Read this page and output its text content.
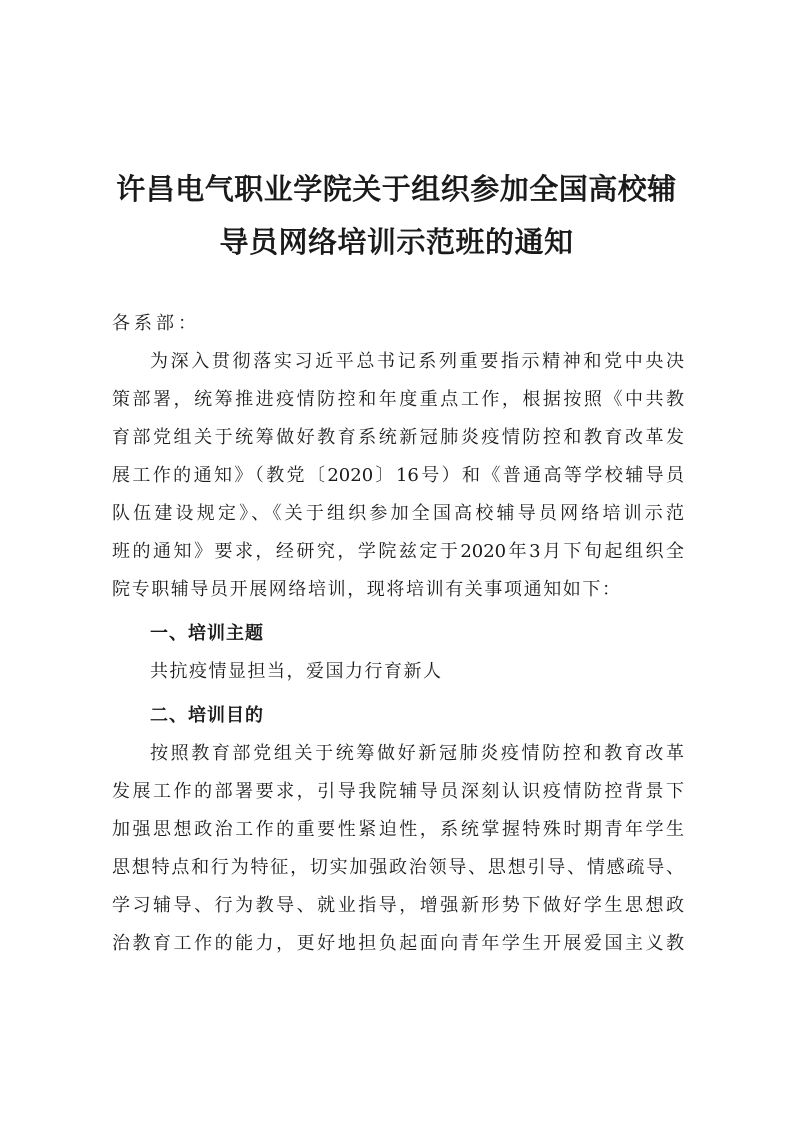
许昌电气职业学院关于组织参加全国高校辅
导员网络培训示范班的通知
各系部：
为深入贯彻落实习近平总书记系列重要指示精神和党中央决
策部署，统筹推进疫情防控和年度重点工作，根据按照《中共教
育部党组关于统筹做好教育系统新冠肺炎疫情防控和教育改革发
展工作的通知》（教党〔2020〕16号）和《普通高等学校辅导员
队伍建设规定》、《关于组织参加全国高校辅导员网络培训示范
班的通知》要求，经研究，学院兹定于2020年3月下旬起组织全
院专职辅导员开展网络培训，现将培训有关事项通知如下：
一、培训主题
共抗疫情显担当，爱国力行育新人
二、培训目的
按照教育部党组关于统筹做好新冠肺炎疫情防控和教育改革
发展工作的部署要求，引导我院辅导员深刻认识疫情防控背景下
加强思想政治工作的重要性紧迫性，系统掌握特殊时期青年学生
思想特点和行为特征，切实加强政治领导、思想引导、情感疏导、
学习辅导、行为教导、就业指导，增强新形势下做好学生思想政
治教育工作的能力，更好地担负起面向青年学生开展爱国主义教
